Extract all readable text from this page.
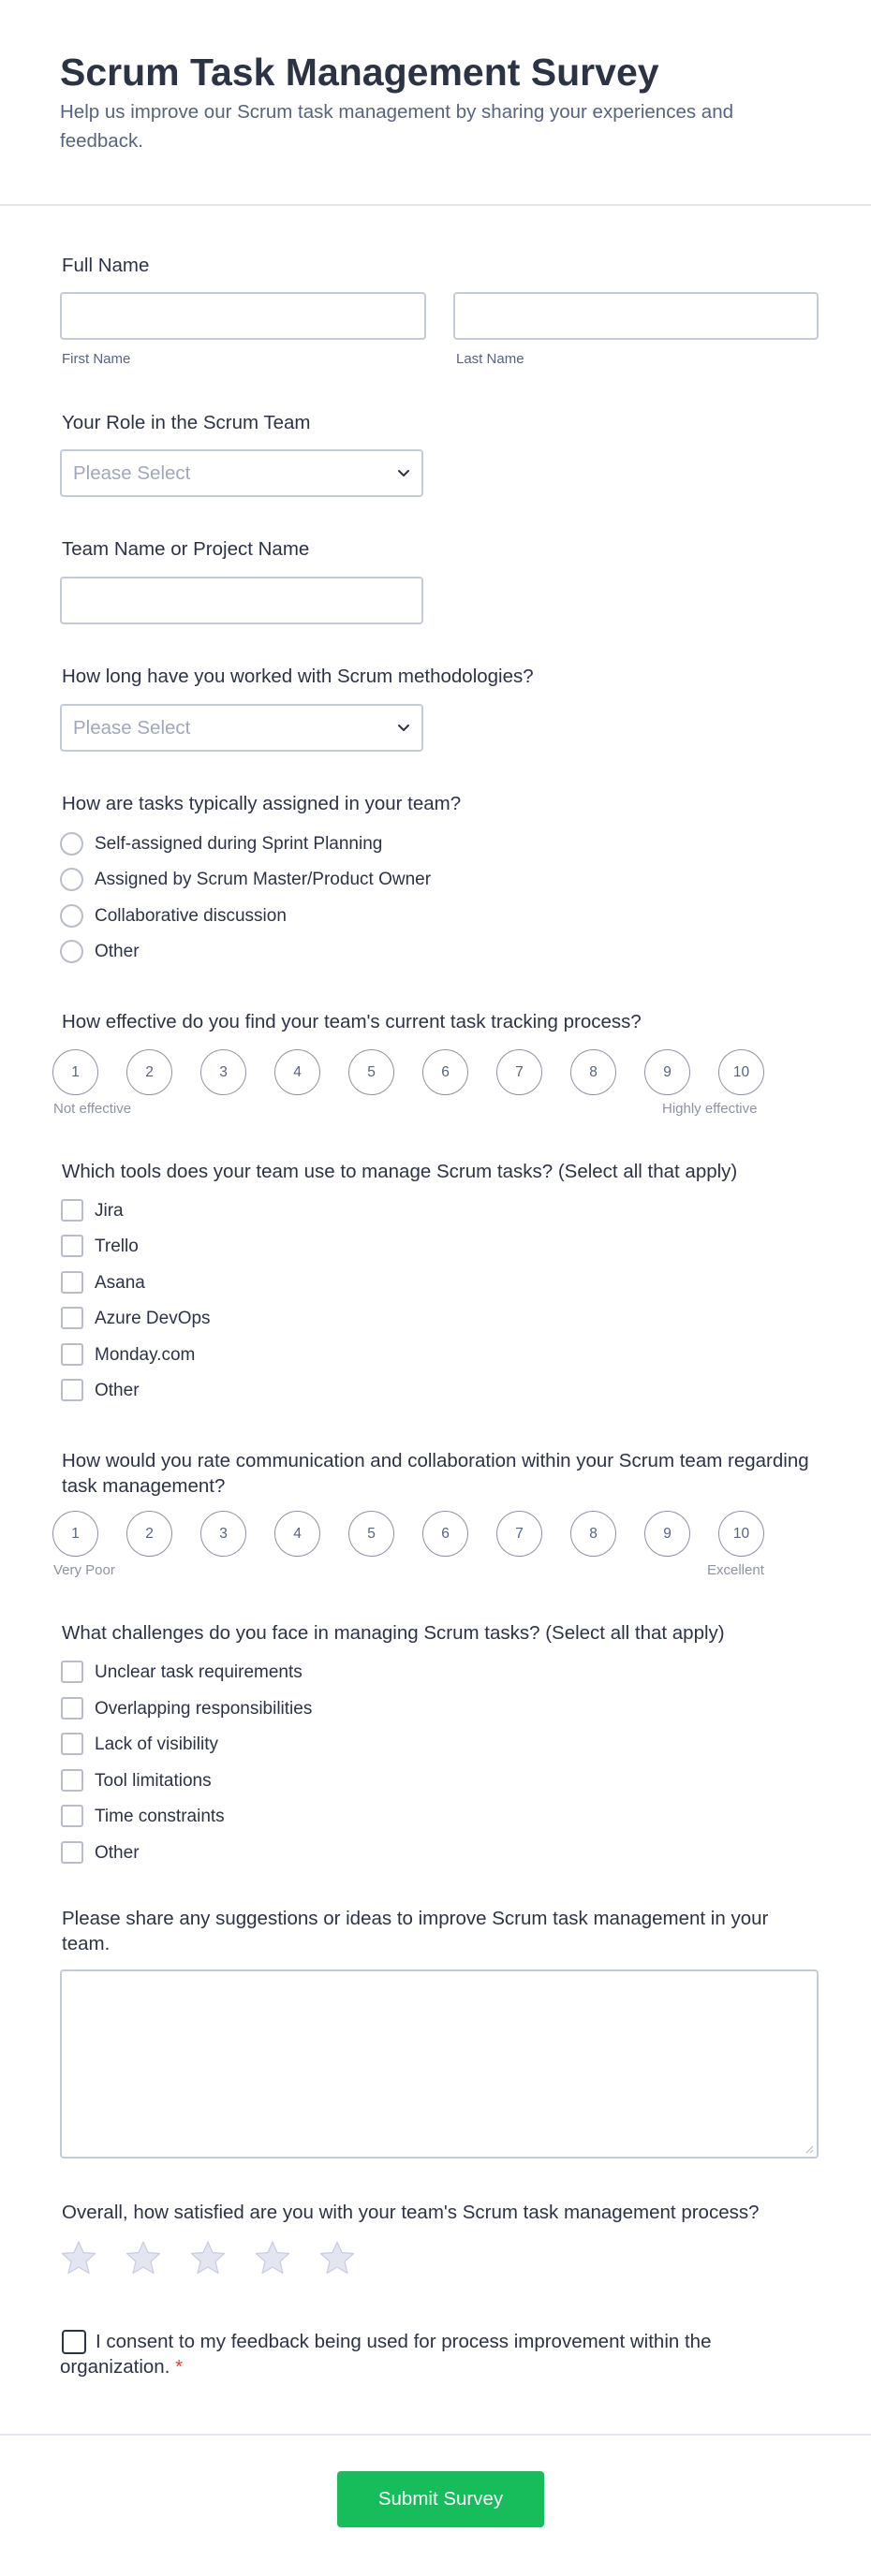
Scrum Task Management Survey

Help us improve our Scrum task management by sharing your experiences and feedback.

Full Name
First Name	Last Name
Your Role in the Scrum Team
Please Select
Team Name or Project Name
How long have you worked with Scrum methodologies?
Please Select
How are tasks typically assigned in your team?
Self-assigned during Sprint Planning
Assigned by Scrum Master/Product Owner
Collaborative discussion
Other
How effective do you find your team's current task tracking process?
1	2	3	4	5	6	7	8	9	10
Not effective	Highly effective
Which tools does your team use to manage Scrum tasks? (Select all that apply)
Jira
Trello
Asana
Azure DevOps
Monday.com
Other
How would you rate communication and collaboration within your Scrum team regarding task management?
1	2	3	4	5	6	7	8	9	10
Very Poor	Excellent
What challenges do you face in managing Scrum tasks? (Select all that apply)
Unclear task requirements
Overlapping responsibilities
Lack of visibility
Tool limitations
Time constraints
Other
Please share any suggestions or ideas to improve Scrum task management in your team.
Overall, how satisfied are you with your team's Scrum task management process?
I consent to my feedback being used for process improvement within the organization. *
Submit Survey
